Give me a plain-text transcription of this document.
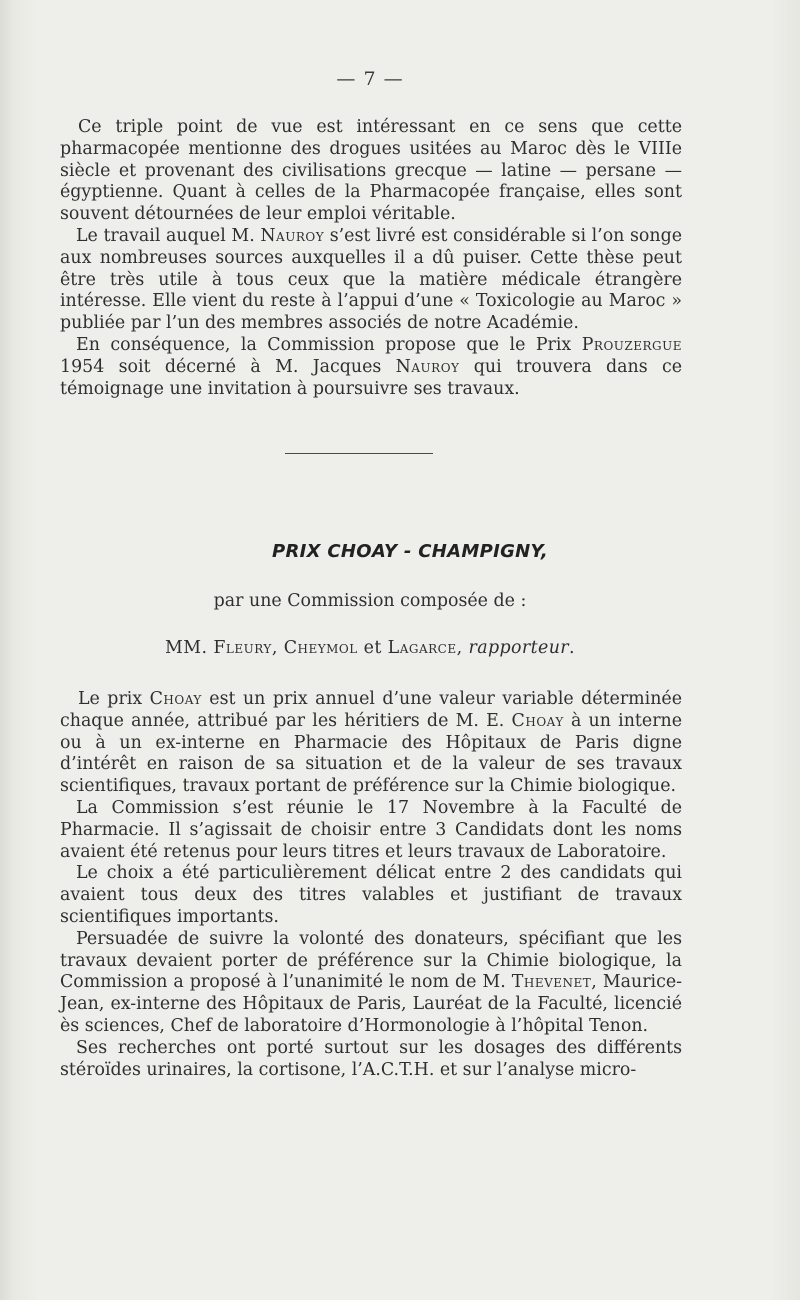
— 7 —

Ce triple point de vue est intéressant en ce sens que cette pharmacopée mentionne des drogues usitées au Maroc dès le VIIIe siècle et provenant des civilisations grecque — latine — persane — égyptienne. Quant à celles de la Pharmacopée française, elles sont souvent détournées de leur emploi véritable.

Le travail auquel M. Nauroy s’est livré est considérable si l’on songe aux nombreuses sources auxquelles il a dû puiser. Cette thèse peut être très utile à tous ceux que la matière médicale étrangère intéresse. Elle vient du reste à l’appui d’une « Toxicologie au Maroc » publiée par l’un des membres associés de notre Académie.

En conséquence, la Commission propose que le Prix Prouzergue 1954 soit décerné à M. Jacques Nauroy qui trouvera dans ce témoignage une invitation à poursuivre ses travaux.

PRIX CHOAY - CHAMPIGNY,
par une Commission composée de :
MM. Fleury, Cheymol et Lagarce, rapporteur.

Le prix Choay est un prix annuel d’une valeur variable déterminée chaque année, attribué par les héritiers de M. E. Choay à un interne ou à un ex-interne en Pharmacie des Hôpitaux de Paris digne d’intérêt en raison de sa situation et de la valeur de ses travaux scientifiques, travaux portant de préférence sur la Chimie biologique.

La Commission s’est réunie le 17 Novembre à la Faculté de Pharmacie. Il s’agissait de choisir entre 3 Candidats dont les noms avaient été retenus pour leurs titres et leurs travaux de Laboratoire.

Le choix a été particulièrement délicat entre 2 des candidats qui avaient tous deux des titres valables et justifiant de travaux scientifiques importants.

Persuadée de suivre la volonté des donateurs, spécifiant que les travaux devaient porter de préférence sur la Chimie biologique, la Commission a proposé à l’unanimité le nom de M. Thevenet, Maurice-Jean, ex-interne des Hôpitaux de Paris, Lauréat de la Faculté, licencié ès sciences, Chef de laboratoire d’Hormonologie à l’hôpital Tenon.

Ses recherches ont porté surtout sur les dosages des différents stéroïdes urinaires, la cortisone, l’A.C.T.H. et sur l’analyse micro-
